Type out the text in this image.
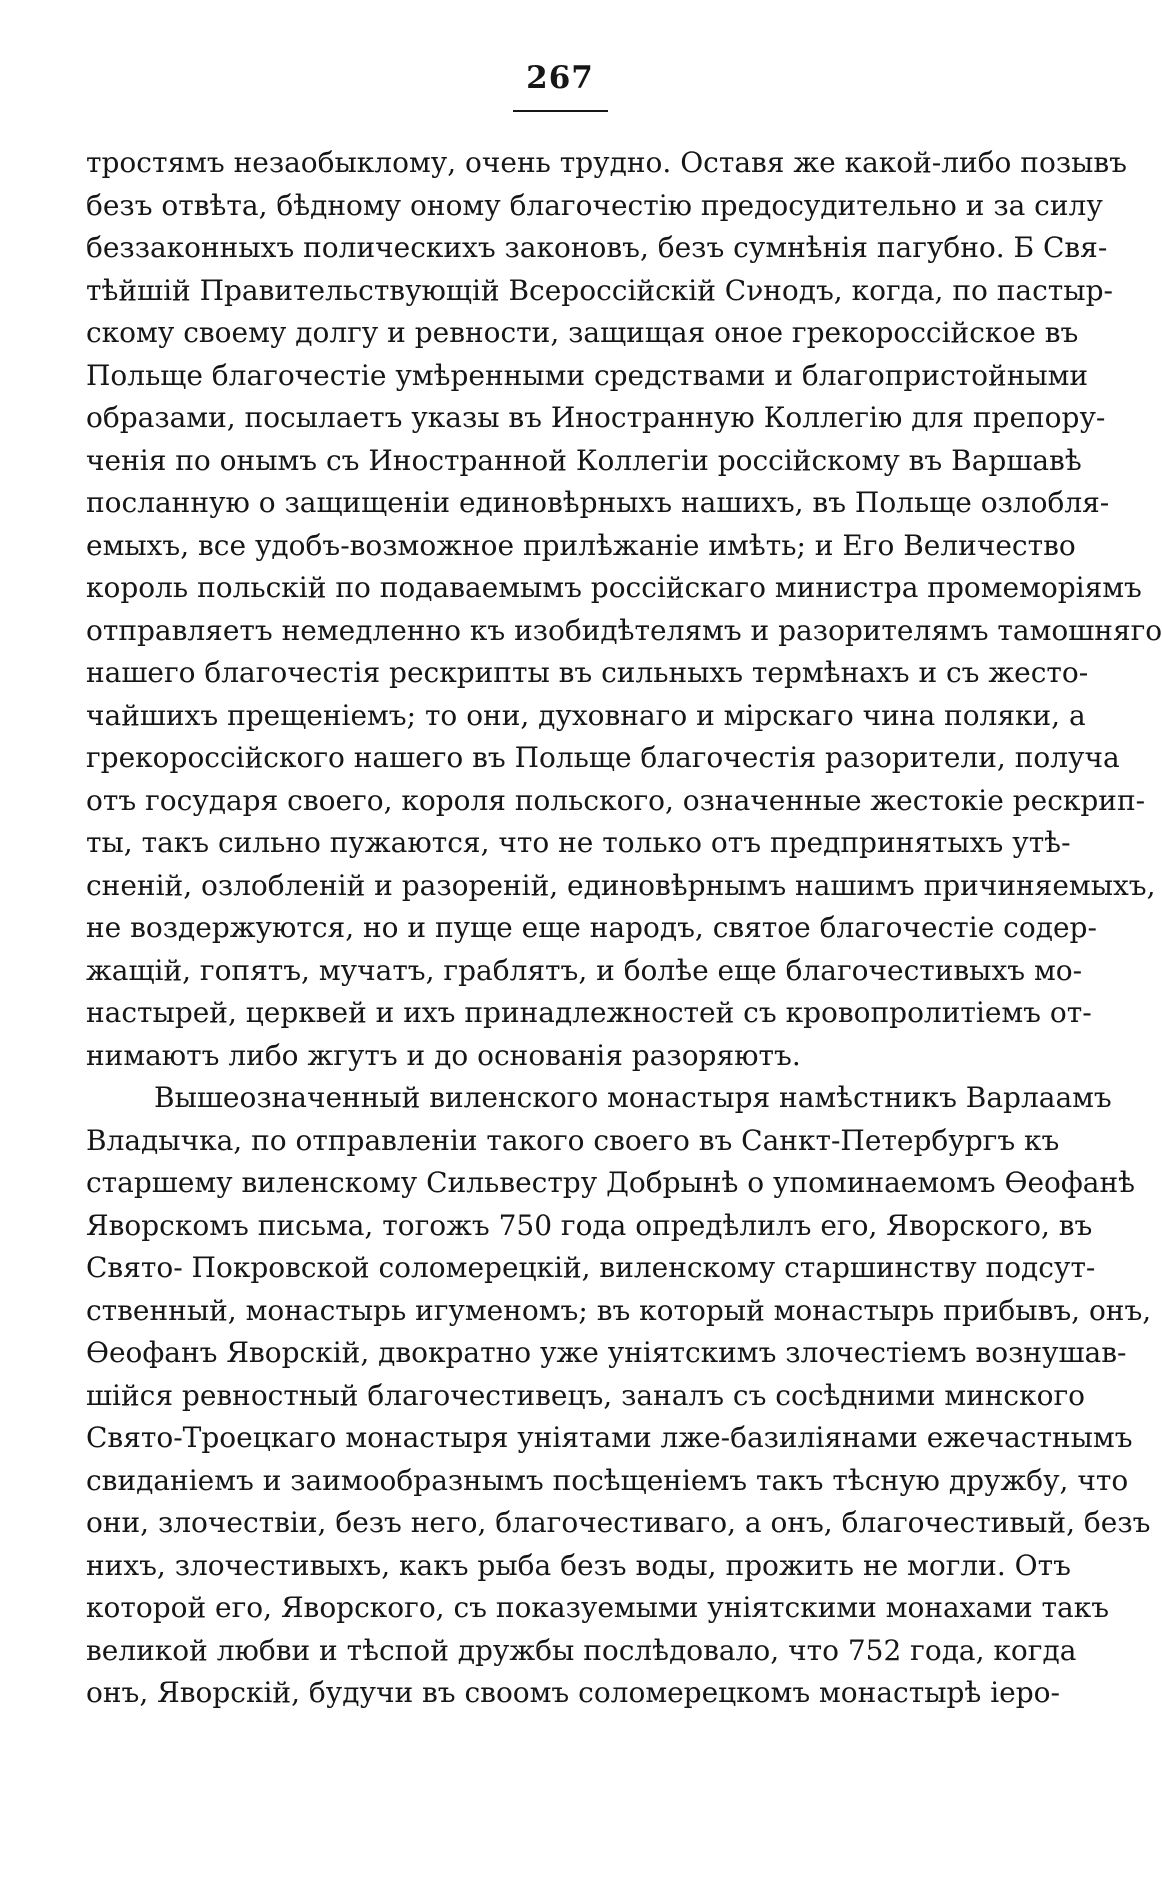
267
тростямъ незаобыклому, очень трудно. Оставя же какой-либо позывъ
безъ отвѣта, бѣдному оному благочестію предосудительно и за силу
беззаконныхъ полическихъ законовъ, безъ сумнѣнія пагубно. Б Свя-
тѣйшій Правительствующій Всероссійскій Сνнодъ, когда, по пастыр-
скому своему долгу и ревности, защищая оное грекороссійское въ
Польще благочестіе умѣренными средствами и благопристойными
образами, посылаетъ указы въ Иностранную Коллегію для препору-
ченія по онымъ съ Иностранной Коллегіи россійскому въ Варшавѣ
посланную о защищеніи единовѣрныхъ нашихъ, въ Польще озлобля-
емыхъ, все удобъ-возможное прилѣжаніе имѣть; и Его Величество
король польскій по подаваемымъ россійскаго министра промеморіямъ
отправляетъ немедленно къ изобидѣтелямъ и разорителямъ тамошняго
нашего благочестія рескрипты въ сильныхъ термѣнахъ и съ жесто-
чайшихъ прещеніемъ; то они, духовнаго и мірскаго чина поляки, а
грекороссійского нашего въ Польще благочестія разорители, получа
отъ государя своего, короля польского, означенные жестокіе рескрип-
ты, такъ сильно пужаются, что не только отъ предпринятыхъ утѣ-
сненій, озлобленій и разореній, единовѣрнымъ нашимъ причиняемыхъ,
не воздержуются, но и пуще еще народъ, святое благочестіе содер-
жащій, гопятъ, мучатъ, граблятъ, и болѣе еще благочестивыхъ мо-
настырей, церквей и ихъ принадлежностей съ кровопролитіемъ от-
нимаютъ либо жгутъ и до основанія разоряютъ.
Вышеозначенный виленского монастыря намѣстникъ Варлаамъ
Владычка, по отправленіи такого своего въ Санкт-Петербургъ къ
старшему виленскому Сильвестру Добрынѣ о упоминаемомъ Ѳеофанѣ
Яворскомъ письма, тогожъ 750 года опредѣлилъ его, Яворского, въ
Свято- Покровской соломерецкій, виленскому старшинству подсут-
ственный, монастырь игуменомъ; въ который монастырь прибывъ, онъ,
Ѳеофанъ Яворскій, двократно уже уніятскимъ злочестіемъ вознушав-
шійся ревностный благочестивецъ, заналъ съ сосѣдними минского
Свято-Троецкаго монастыря уніятами лже-базиліянами ежечастнымъ
свиданіемъ и заимообразнымъ посѣщеніемъ такъ тѣсную дружбу, что
они, злочествіи, безъ него, благочестиваго, а онъ, благочестивый, безъ
нихъ, злочестивыхъ, какъ рыба безъ воды, прожить не могли. Отъ
которой его, Яворского, съ показуемыми уніятскими монахами такъ
великой любви и тѣспой дружбы послѣдовало, что 752 года, когда
онъ, Яворскій, будучи въ своомъ соломерецкомъ монастырѣ іеро-
